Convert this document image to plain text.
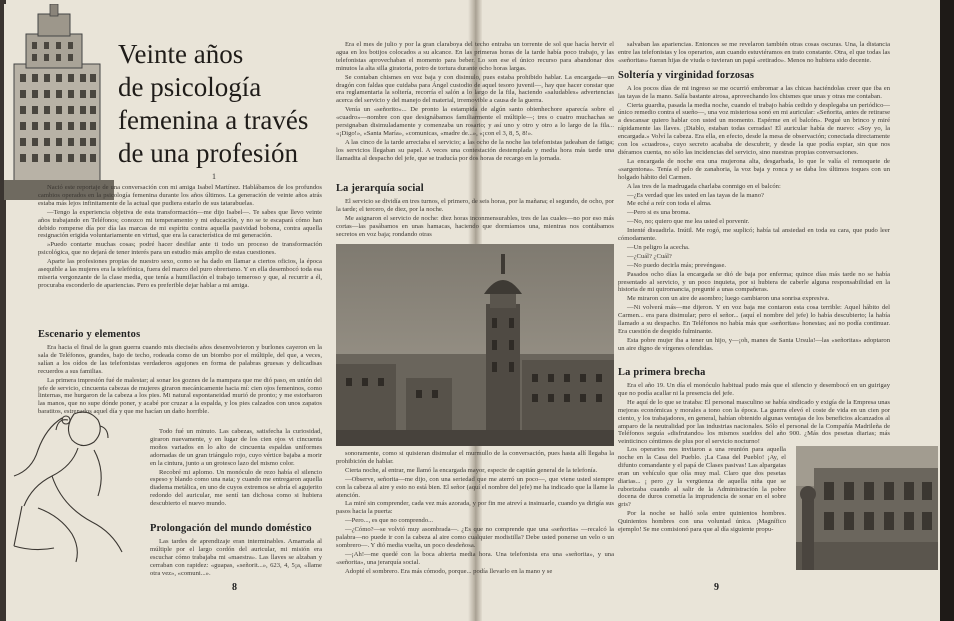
Veinte años
de psicología
femenina a través
de una profesión
1

Nació este reportaje de una conversación con mi amiga Isabel Martínez. Hablábamos de los profundos cambios operados en la psicología femenina durante los años últimos. La generación de veinte años atrás estaba más lejos infinitamente de la actual que pudiera estarlo de sus tatarabuelas.

—Tengo la experiencia objetiva de esta transformación—me dijo Isabel—. Te sabes que llevo veinte años trabajando en Teléfonos; conozco mi temperamento y mi educación, y no se te escapará cómo han debido romperse día por día las marcas de mi espíritu contra aquella pasividad bobona, contra aquella resignación erigida voluntariamente en virtud, que era la característica de mi generación.

»Puedo contarte muchas cosas; podré hacer desfilar ante ti todo un proceso de transformación psicológica, que no dejará de tener interés para un estudio más amplio de estas cuestiones.

Aparte las profesiones propias de nuestro sexo, como se ha dado en llamar a ciertos oficios, la época asequible a las mujeres era la telefónica, fuera del marco del puro obrerismo. Y en ella desembocó toda esa miseria vergonzante de la clase media, que tenía a humillación el trabajo temeroso y que, al recurrir a él, procuraba esconderlo de apariencias. Pero es preferible dejar hablar a mi amiga.

Escenario y elementos

Era hacia el final de la gran guerra cuando mis dieciséis años desenvolvieron y burlones cayeron en la sala de Teléfonos, grandes, bajo de techo, rodeada como de un biombo por el múltiple, del que, a veces, salían a los oídos de las telefonistas verdaderos agujones en forma de palabras gruesas y delicadisas recuerdos a sus familias.

La primera impresión fué de malestar; al sonar los goznes de la mampara que me dió paso, en unión del jefe de servicio, cincuenta cabezas de mujeres giraron mecánicamente hacia mí: cien ojos femeninos, como linternas, me hurgaron de la cabeza a los pies. Mi natural espontaneidad murió de pronto; y me estorbaron las manos, que no supe dónde poner, y acabé por cruzar a la espalda, y los pies calzados con unos zapatos baratitos, estrenados aquel día y que me hacían un daño horrible.

Todo fué un minuto. Las cabezas, satisfecha la curiosidad, giraron nuevamente, y en lugar de los cien ojos vi cincuenta moños variados en lo alto de cincuenta espaldas uniformes adornadas de un gran triángulo rojo, cuyo vértice bajaba a morir en la cintura, junto a un grotesco lazo del mismo color.

Recobré mi aplomo. Un monóculo de rezo había el silencio espeso y blando como una nata; y cuando me entregaron aquella diadema metálica, en uno de cuyos extremos se abría el agujerito redondo del auricular, me sentí tan dichosa como si hubiera descubierto el nuevo mundo.

Prolongación del mundo doméstico

Las tardes de aprendizaje eran interminables. Amarrada al múltiple por el largo cordón del auricular, mi misión era escuchar cómo trabajaba mi «maestra». Las llaves se alzaban y cerraban con rapidez: «guapas, «señorit...», 623, 4, 5¡a, «llame otra vez», «comuni...».

8

Era el mes de julio y por la gran claraboya del techo entraba un torrente de sol que hacía hervir el agua en los botijos colocados a su alcance. En las primeras horas de la tarde había poco trabajo, y las telefonistas aprovechaban el momento para beber. Lo son ese el único recurso para abandonar dos minutos la alta silla giratoria, potro de tortura durante ocho horas largas.

Se contaban chismes en voz baja y con disimulo, pues estaba prohibido hablar. La encargada—un dragón con faldas que cuidaba para Ángel custodio de aquel tesoro juvenil—, hay que hacer constar que era reglamentaria la soltería, recorría el salón a lo largo de la fila, haciendo «saludables» advertencias acerca del servicio y del manejo del material, irremovible a causa de la guerra.

Venía un «señorito»... De pronto la estampida de algún santo obienhechore aparecía sobre el «cuadro»—nombre con que designábamos familiarmente el múltiple—; tres o cuatro muchachas se persignaban disimuladamente y comenzaba un rosario; y así uno y otro y otro a lo largo de la fila... «¡Digo!», «Santa María», «comunicas, «madre de...», «¡con el 3, 8, 5, 8!».

A las cinco de la tarde arreciaba el servicio; a las ocho de la noche las telefonistas jadeaban de fatiga; los servicios llegaban su papel. A veces una contestación destemplada y media hora más tarde una llamadita al despacho del jefe, que se traducía por dos horas de recargo en la jornada.

La jerarquía social

El servicio se dividía en tres turnos, el primero, de seis horas, por la mañana; el segundo, de ocho, por la tarde; el tercero, de diez, por la noche.

Me asignaron el servicio de noche: diez horas inconmensurables, tres de las cuales—no por eso más cortas—las pasábamos en unas hamacas, haciendo que dormíamos una, mientras nos contábamos secretos en voz baja; rondando otras

sonoramente, como si quisieran disimular el murmullo de la conversación, pues hasta allí llegaba la prohibición de hablar.

Cierta noche, al entrar, me llamó la encargada mayor, especie de capitán general de la telefonía.

—Observe, señorita—me dijo, con una seriedad que me aterró un poco—, que viene usted siempre con la cabeza al aire y esto no está bien. El señor (aquí el nombre del jefe) me ha indicado que la llame la atención.

La miré sin comprender, cada vez más azorada, y por fin me atreví a insinuarle, cuando ya dirigía sus pasos hacia la puerta:

—Pero..., es que no comprendo...

—¿Cómo?—se volvió muy asombrada—. ¿Es que no comprende que una «señorita» —recalcó la palabra—no puede ir con la cabeza al aire como cualquier modistilla? Debe usted ponerse un velo o un sombrero—. Y dió media vuelta, un poco desdeñosa.

—¡Ah!—me quedé con la boca abierta media hora. Una telefonista era una «señorita», y una «señorita», una jerarquía social.

Adopté el sombrero. Era más cómodo, porque... podía llevarlo en la mano y se

salvaban las apariencias. Entonces se me revelaron también otras cosas oscuras. Una, la distancia entre las telefonistas y los operarios, aun cuando estuviéramos en trato constante. Otra, el que todas las «señoritas» fueran hijas de viuda o tuvieran un papá «retirado». Menos no hubiera sido decente.

Soltería y virginidad forzosas

A los pocos días de mi ingreso se me ocurrió embromar a las chicas haciéndolas creer que iba en las tayas de la mano. Salía bastante airosa, aprovechando los chismes que unas y otras me contaban.

Cierta guardia, pasada la media noche, cuando el trabajo había cedido y desplegaba un periódico—único remedio contra el sueño—, una voz misteriosa sonó en mi auricular: «Señorita, antes de retirarse a descansar quiero hablar con usted un momento. Espérme en el balcón». Pegué un brinco y miré rápidamente las llaves. ¡Diablo, estaban todas cerradas! El auricular había de nuevo: «Soy yo, la encargada.» Volví la cabeza. Era ella, en efecto, desde la mesa de observación; conectada directamente con los «cuadros», cuyo secreto acababa de descubrir, y desde la que podía espiar, sin que nos diéramos cuenta, no sólo las incidencias del servicio, sino nuestras propias conversaciones.

La encargada de noche era una mujerona alta, desgarbada, lo que le valía el remoquete de «sargentona». Tenía el pelo de zanahoria, la voz baja y ronca y se daba los últimos toques con un holgado hábito del Carmen.

A las tres de la madrugada charlaba conmigo en el balcón:

—¿Es verdad que les usted en las tayas de la mano?

Me eché a reír con toda el alma.

—Pero si es una broma.

—No, no; quiero que me lea usted el porvenir.

Intenté disuadirla. Inútil. Me rogó, me suplicó; había tal ansiedad en toda su cara, que pudo leer cómodamente.

—Un peligro la acecha.

—¿Cuál? ¿Cuál?

—No puedo decirla más; prevéngase.

Pasados ocho días la encargada se dió de baja por enferma; quince días más tarde no se había presentado al servicio, y un poco inquieta, por si hubiera de caberle alguna responsabilidad en la historia de mi quiromancia, pregunté a unas compañeras.

Me miraron con un aire de asombro; luego cambiaron una sonrisa expresiva.

—Ni volverá más—me dijeron. Y en voz baja me contaron esta cosa terrible: Aquel hábito del Carmen... era para disimular; pero el señor... (aquí el nombre del jefe) lo había descubierto; la había llamado a su despacho. En Teléfonos no había más que «señoritas» honestas; así no podía continuar. Era cuestión de despido fulminante.

Esta pobre mujer iba a tener un hijo, y—¡oh, manes de Santa Ursula!—las «señoritas» adoptaron un aire digno de vírgenes ofendidas.

La primera brecha

Era el año 19. Un día el monóculo habitual pudo más que el silencio y desembocó en un guirigay que no podía acallar ni la presencia del jefe.

He aquí de lo que se trataba: El personal masculino se había sindicado y exigía de la Empresa unas mejoras económicas y morales a tono con la época. La guerra elevó el coste de vida en un cien por ciento, y los trabajadores, en general, habían obtenido algunas ventajas de los beneficios alcanzados al amparo de la neutralidad por las industrias nacionales. Sólo el personal de la Compañía Madrileña de Teléfonos seguía «disfrutando» los mismos sueldos del año 900. ¿Más dos pesetas diarias; más veinticinco céntimos de plus por el servicio nocturno!

Los operarios nos invitaron a una reunión para aquella noche en la Casa del Pueblo. ¡La Casa del Pueblo! ¡Ay, el difunto comandante y el papá de Clases pasivas! Las alpargatas eran un vehículo que olía muy mal. Claro que dos pesetas diarias... ¡ pero ¿y la vergüenza de aquella niña que se ruborizaba cuando al salir de la Administración la pobre docena de duros cometía la imprudencia de sonar en el sobre gris?

Por la noche se halló sola entre quinientos hombres. Quinientos hombres con una voluntad única. ¡Magnífico ejemplo! Se me comisionó para que al día siguiente propu-

9
